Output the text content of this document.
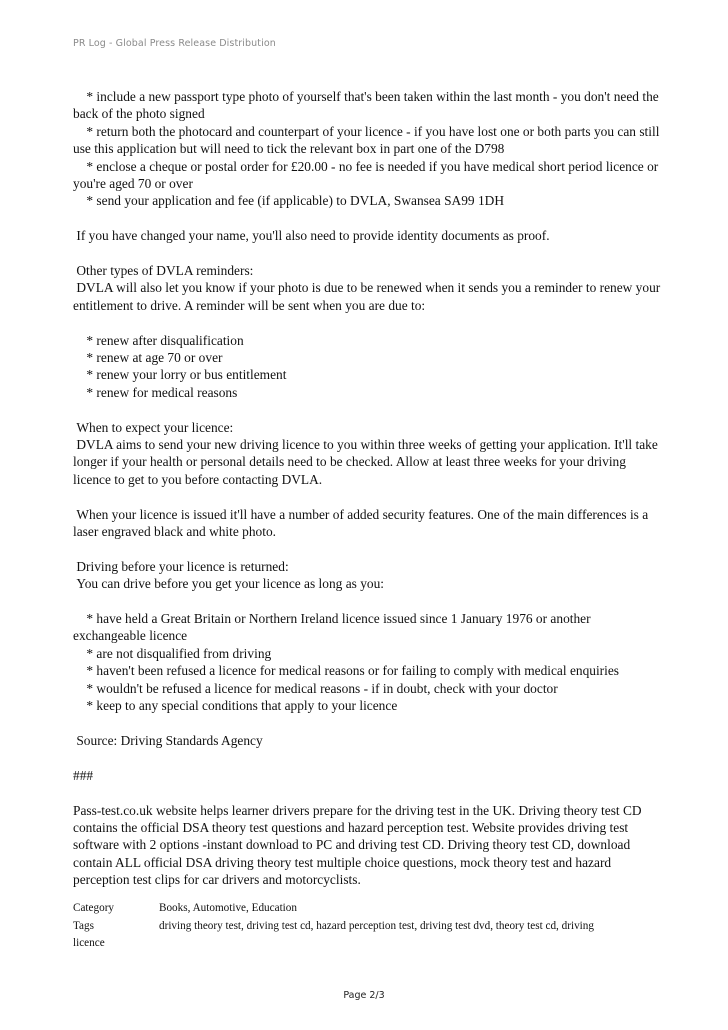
PR Log - Global Press Release Distribution

* include a new passport type photo of yourself that's been taken within the last month - you don't need the back of the photo signed

* return both the photocard and counterpart of your licence - if you have lost one or both parts you can still use this application but will need to tick the relevant box in part one of the D798

* enclose a cheque or postal order for £20.00 - no fee is needed if you have medical short period licence or you're aged 70 or over

* send your application and fee (if applicable) to DVLA, Swansea SA99 1DH

If you have changed your name, you'll also need to provide identity documents as proof.

Other types of DVLA reminders:

DVLA will also let you know if your photo is due to be renewed when it sends you a reminder to renew your entitlement to drive. A reminder will be sent when you are due to:

* renew after disqualification

* renew at age 70 or over

* renew your lorry or bus entitlement

* renew for medical reasons

When to expect your licence:

DVLA aims to send your new driving licence to you within three weeks of getting your application. It'll take longer if your health or personal details need to be checked. Allow at least three weeks for your driving licence to get to you before contacting DVLA.

When your licence is issued it'll have a number of added security features. One of the main differences is a laser engraved black and white photo.

Driving before your licence is returned:

You can drive before you get your licence as long as you:

* have held a Great Britain or Northern Ireland licence issued since 1 January 1976 or another exchangeable licence

* are not disqualified from driving

* haven't been refused a licence for medical reasons or for failing to comply with medical enquiries

* wouldn't be refused a licence for medical reasons - if in doubt, check with your doctor

* keep to any special conditions that apply to your licence

Source: Driving Standards Agency

###

Pass-test.co.uk website helps learner drivers prepare for the driving test in the UK. Driving theory test CD contains the official DSA theory test questions and hazard perception test. Website provides driving test software with 2 options -instant download to PC and driving test CD. Driving theory test CD, download contain ALL official DSA driving theory test multiple choice questions, mock theory test and hazard perception test clips for car drivers and motorcyclists.

Category	Books, Automotive, Education
Tags	driving theory test, driving test cd, hazard perception test, driving test dvd, theory test cd, driving
licence
Page 2/3
